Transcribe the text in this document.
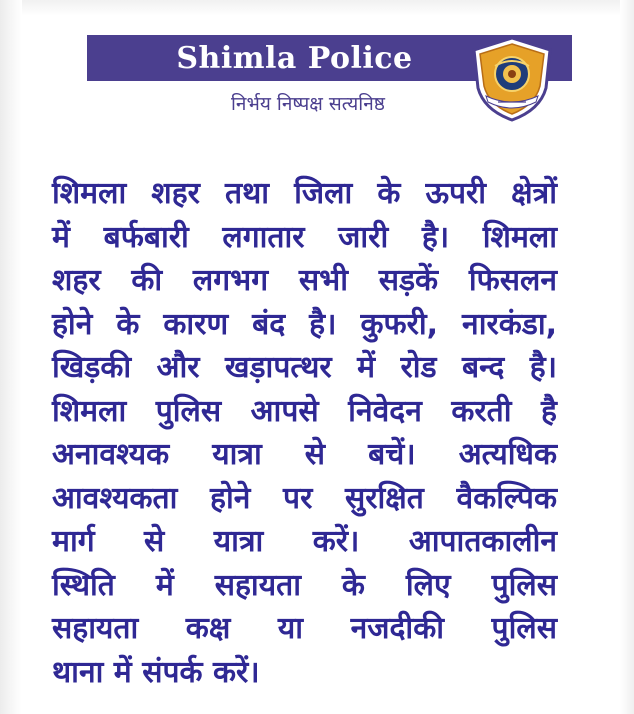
Shimla Police
निर्भय निष्पक्ष सत्यनिष्ठ
शिमला शहर तथा जिला के ऊपरी क्षेत्रों
में बर्फबारी लगातार जारी है। शिमला
शहर की लगभग सभी सड़कें फिसलन
होने के कारण बंद है। कुफरी, नारकंडा,
खिड़की और खड़ापत्थर में रोड बन्द है।
शिमला पुलिस आपसे निवेदन करती है
अनावश्यक यात्रा से बचें। अत्यधिक
आवश्यकता होने पर सुरक्षित वैकल्पिक
मार्ग से यात्रा करें। आपातकालीन
स्थिति में सहायता के लिए पुलिस
सहायता कक्ष या नजदीकी पुलिस
थाना में संपर्क करें।
